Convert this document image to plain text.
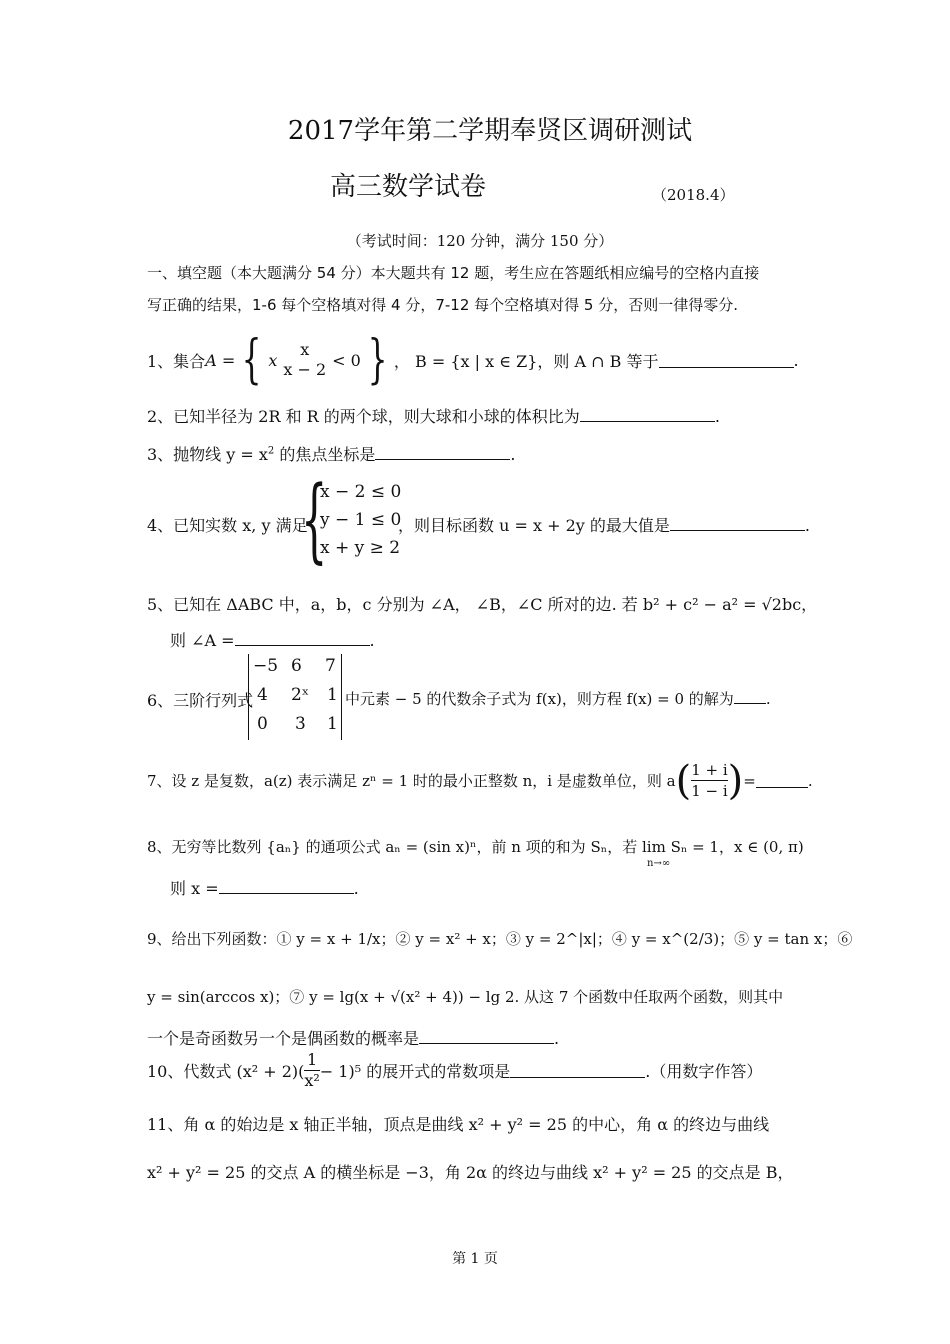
2017学年第二学期奉贤区调研测试
高三数学试卷	（2018.4）
（考试时间：120 分钟，满分 150 分）
一、填空题（本大题满分 54 分）本大题共有 12 题，考生应在答题纸相应编号的空格内直接
写正确的结果，1-6 每个空格填对得 4 分，7-12 每个空格填对得 5 分，否则一律得零分.
1、集合 A = { x
x
x − 2 < 0 } ， B = {x | x ∈ Z}，则 A ∩ B 等于	.
2、已知半径为 2R 和 R 的两个球，则大球和小球的体积比为	.
3、抛物线 $y = x^2$ 的焦点坐标是	.
4、已知实数 x, y 满足
{
x − 2 ≤ 0
y − 1 ≤ 0
x + y ≥ 2
，则目标函数 u = x + 2y 的最大值是	.
5、已知在 ΔABC 中，a，b，c 分别为 ∠A， ∠B，∠C 所对的边. 若 b² + c² − a² = √2bc，
则 ∠A =	.
6、三阶行列式
−5 6 7
4 2ˣ 1
0 3 1
中元素 − 5 的代数余子式为 f(x)，则方程 f(x) = 0 的解为 .
7、设 z 是复数，a(z) 表示满足 zⁿ = 1 时的最小正整数 n，i 是虚数单位，则 a ( $\frac{1 + i}{1 - i}$ ) =	.
8、无穷等比数列 {aₙ} 的通项公式 aₙ = (sin x)ⁿ，前 n 项的和为 Sₙ，若 lim Sₙ = 1，x ∈ (0, π)
n→∞
则 x =	.
9、给出下列函数：① y = x + 1/x；② y = x² + x；③ y = 2^|x|；④ y = x^(2/3)；⑤ y = tan x；⑥
y = sin(arccos x)；⑦ y = lg(x + √(x² + 4)) − lg 2. 从这 7 个函数中任取两个函数，则其中
一个是奇函数另一个是偶函数的概率是	.
10、代数式 $(x^2 + 2)( \frac{1}{\text{x²}} - 1)^5$ 的展开式的常数项是	.（用数字作答）
11、角 α 的始边是 x 轴正半轴，顶点是曲线 x² + y² = 25 的中心，角 α 的终边与曲线
x² + y² = 25 的交点 A 的横坐标是 −3，角 2α 的终边与曲线 x² + y² = 25 的交点是 B，
第 1 页
